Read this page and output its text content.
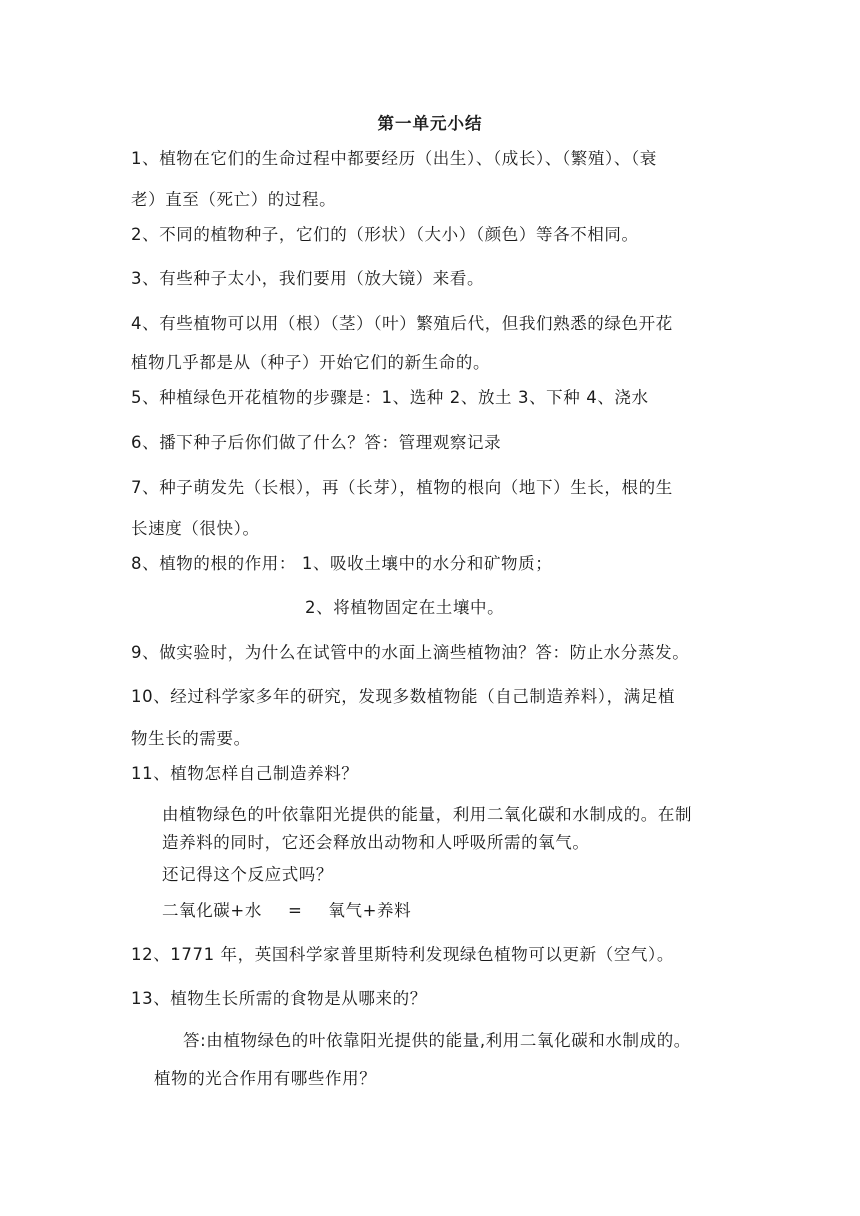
第一单元小结
1、植物在它们的生命过程中都要经历（出生）、（成长）、（繁殖）、（衰
老）直至（死亡）的过程。
2、不同的植物种子，它们的（形状）（大小）（颜色）等各不相同。
3、有些种子太小，我们要用（放大镜）来看。
4、有些植物可以用（根）（茎）（叶）繁殖后代，但我们熟悉的绿色开花
植物几乎都是从（种子）开始它们的新生命的。
5、种植绿色开花植物的步骤是：1、选种 2、放土 3、下种 4、浇水
6、播下种子后你们做了什么？答：管理观察记录
7、种子萌发先（长根），再（长芽），植物的根向（地下）生长，根的生
长速度（很快）。
8、植物的根的作用： 1、吸收土壤中的水分和矿物质；
2、将植物固定在土壤中。
9、做实验时，为什么在试管中的水面上滴些植物油？答：防止水分蒸发。
10、经过科学家多年的研究，发现多数植物能（自己制造养料），满足植
物生长的需要。
11、植物怎样自己制造养料？
由植物绿色的叶依靠阳光提供的能量，利用二氧化碳和水制成的。在制
造养料的同时，它还会释放出动物和人呼吸所需的氧气。
还记得这个反应式吗？
二氧化碳+水 = 氧气+养料
12、1771 年，英国科学家普里斯特利发现绿色植物可以更新（空气）。
13、植物生长所需的食物是从哪来的？
答:由植物绿色的叶依靠阳光提供的能量,利用二氧化碳和水制成的。
植物的光合作用有哪些作用？
